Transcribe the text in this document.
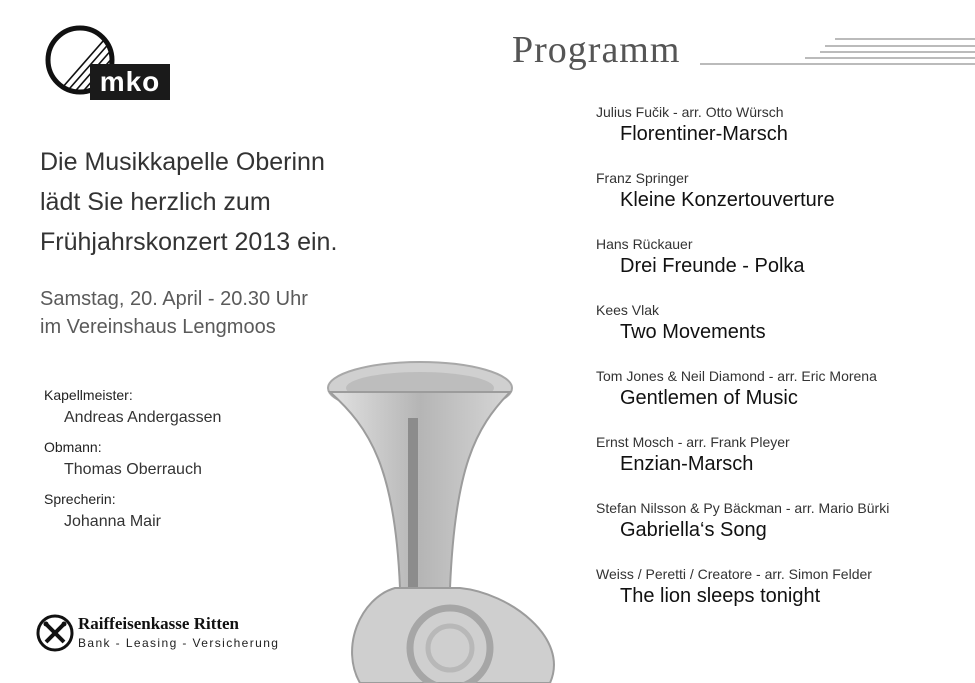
mko
Die Musikkapelle Oberinn
lädt Sie herzlich zum
Frühjahrskonzert 2013 ein.
Samstag, 20. April - 20.30 Uhr
im Vereinshaus Lengmoos
Kapellmeister:
Andreas Andergassen
Obmann:
Thomas Oberrauch
Sprecherin:
Johanna Mair
Raiffeisenkasse Ritten
Bank - Leasing - Versicherung
Programm
Julius Fučik - arr. Otto Würsch
Florentiner-Marsch
Franz Springer
Kleine Konzertouverture
Hans Rückauer
Drei Freunde - Polka
Kees Vlak
Two Movements
Tom Jones & Neil Diamond - arr. Eric Morena
Gentlemen of Music
Ernst Mosch - arr. Frank Pleyer
Enzian-Marsch
Stefan Nilsson & Py Bäckman - arr. Mario Bürki
Gabriella‘s Song
Weiss / Peretti / Creatore - arr. Simon Felder
The lion sleeps tonight
